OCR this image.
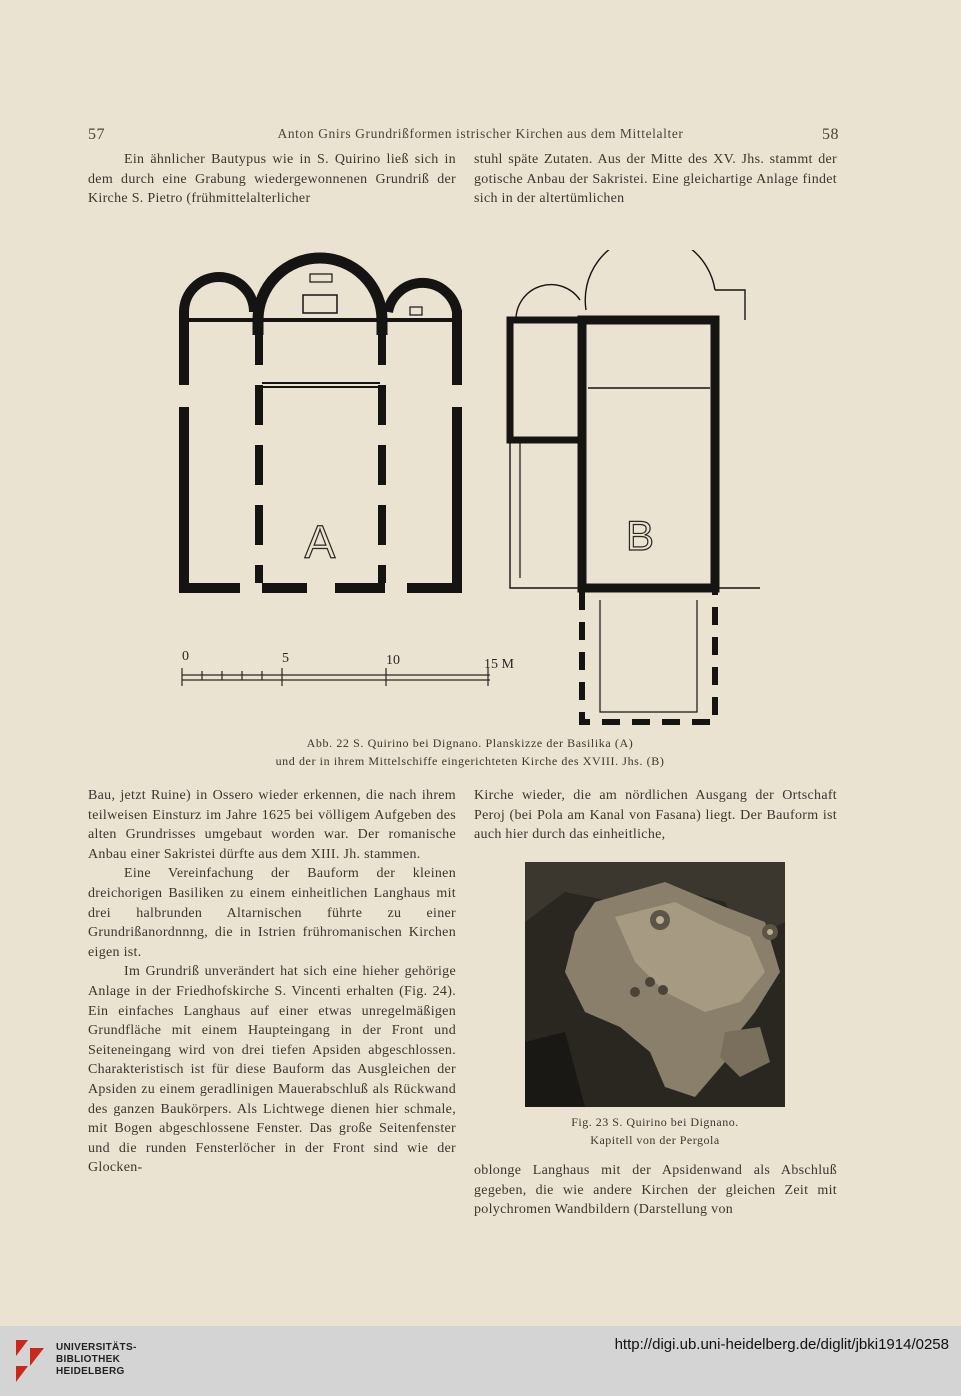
57	Anton Gnirs Grundrißformen istrischer Kirchen aus dem Mittelalter	58

Ein ähnlicher Bautypus wie in S. Quirino ließ sich in dem durch eine Grabung wiedergewonnenen Grundriß der Kirche S. Pietro (frühmittelalterlicher

stuhl späte Zutaten. Aus der Mitte des XV. Jhs. stammt der gotische Anbau der Sakristei. Eine gleichartige Anlage findet sich in der altertümlichen

A	B
0	5	10	15 M
Abb. 22 S. Quirino bei Dignano. Planskizze der Basilika (A)
und der in ihrem Mittelschiffe eingerichteten Kirche des XVIII. Jhs. (B)

Bau, jetzt Ruine) in Ossero wieder erkennen, die nach ihrem teilweisen Einsturz im Jahre 1625 bei völligem Aufgeben des alten Grundrisses umgebaut worden war. Der romanische Anbau einer Sakristei dürfte aus dem XIII. Jh. stammen.

Eine Vereinfachung der Bauform der kleinen dreichorigen Basiliken zu einem einheitlichen Langhaus mit drei halbrunden Altarnischen führte zu einer Grundrißanordnnng, die in Istrien frühromanischen Kirchen eigen ist.

Im Grundriß unverändert hat sich eine hieher gehörige Anlage in der Friedhofskirche S. Vincenti erhalten (Fig. 24). Ein einfaches Langhaus auf einer etwas unregelmäßigen Grundfläche mit einem Haupteingang in der Front und Seiteneingang wird von drei tiefen Apsiden abgeschlossen. Charakteristisch ist für diese Bauform das Ausgleichen der Apsiden zu einem geradlinigen Mauerabschluß als Rückwand des ganzen Baukörpers. Als Lichtwege dienen hier schmale, mit Bogen abgeschlossene Fenster. Das große Seitenfenster und die runden Fensterlöcher in der Front sind wie der Glocken-

Kirche wieder, die am nördlichen Ausgang der Ortschaft Peroj (bei Pola am Kanal von Fasana) liegt. Der Bauform ist auch hier durch das einheitliche,

Fig. 23 S. Quirino bei Dignano.
Kapitell von der Pergola

oblonge Langhaus mit der Apsidenwand als Abschluß gegeben, die wie andere Kirchen der gleichen Zeit mit polychromen Wandbildern (Darstellung von

UNIVERSITÄTS-
BIBLIOTHEK
HEIDELBERG
http://digi.ub.uni-heidelberg.de/diglit/jbki1914/0258
